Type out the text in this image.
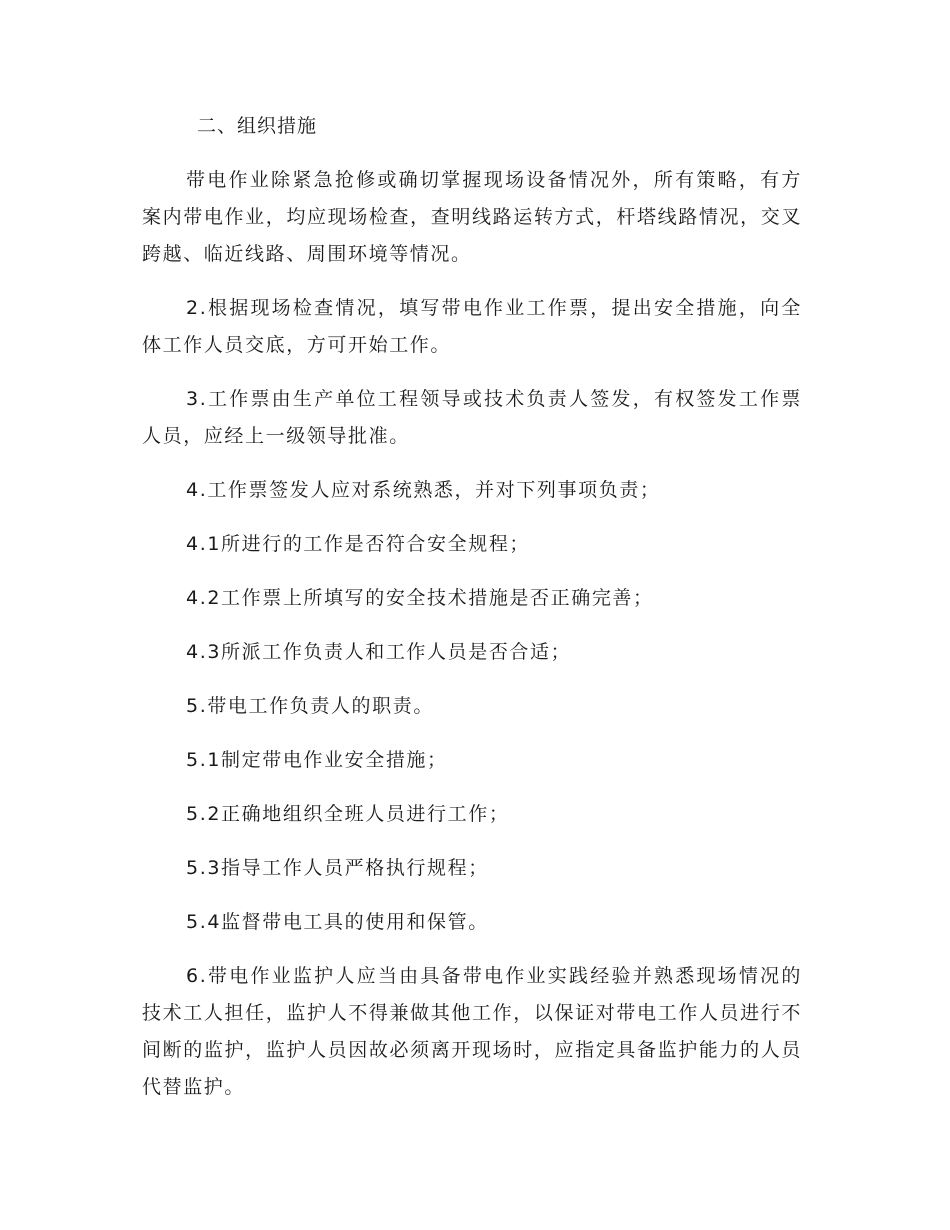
二、组织措施

带电作业除紧急抢修或确切掌握现场设备情况外，所有策略，有方案内带电作业，均应现场检查，查明线路运转方式，杆塔线路情况，交叉跨越、临近线路、周围环境等情况。

2.根据现场检查情况，填写带电作业工作票，提出安全措施，向全体工作人员交底，方可开始工作。

3.工作票由生产单位工程领导或技术负责人签发，有权签发工作票人员，应经上一级领导批准。

4.工作票签发人应对系统熟悉，并对下列事项负责；

4.1所进行的工作是否符合安全规程；

4.2工作票上所填写的安全技术措施是否正确完善；

4.3所派工作负责人和工作人员是否合适；

5.带电工作负责人的职责。

5.1制定带电作业安全措施；

5.2正确地组织全班人员进行工作；

5.3指导工作人员严格执行规程；

5.4监督带电工具的使用和保管。

6.带电作业监护人应当由具备带电作业实践经验并熟悉现场情况的技术工人担任，监护人不得兼做其他工作，以保证对带电工作人员进行不间断的监护，监护人员因故必须离开现场时，应指定具备监护能力的人员代替监护。
